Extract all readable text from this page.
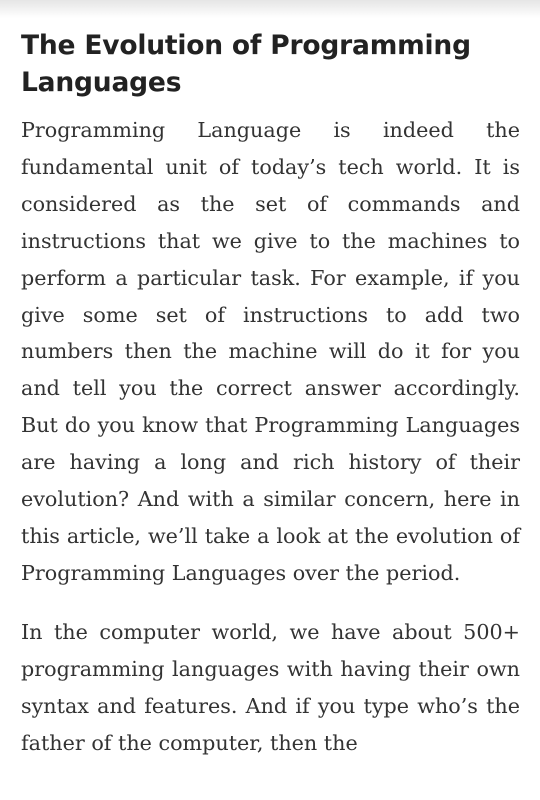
The Evolution of Programming Languages

Programming Language is indeed the fundamental unit of today’s tech world. It is considered as the set of commands and instructions that we give to the machines to perform a particular task. For example, if you give some set of instructions to add two numbers then the machine will do it for you and tell you the correct answer accordingly. But do you know that Programming Languages are having a long and rich history of their evolution? And with a similar concern, here in this article, we’ll take a look at the evolution of Programming Languages over the period.

In the computer world, we have about 500+ programming languages with having their own syntax and features. And if you type who’s the father of the computer, then the
